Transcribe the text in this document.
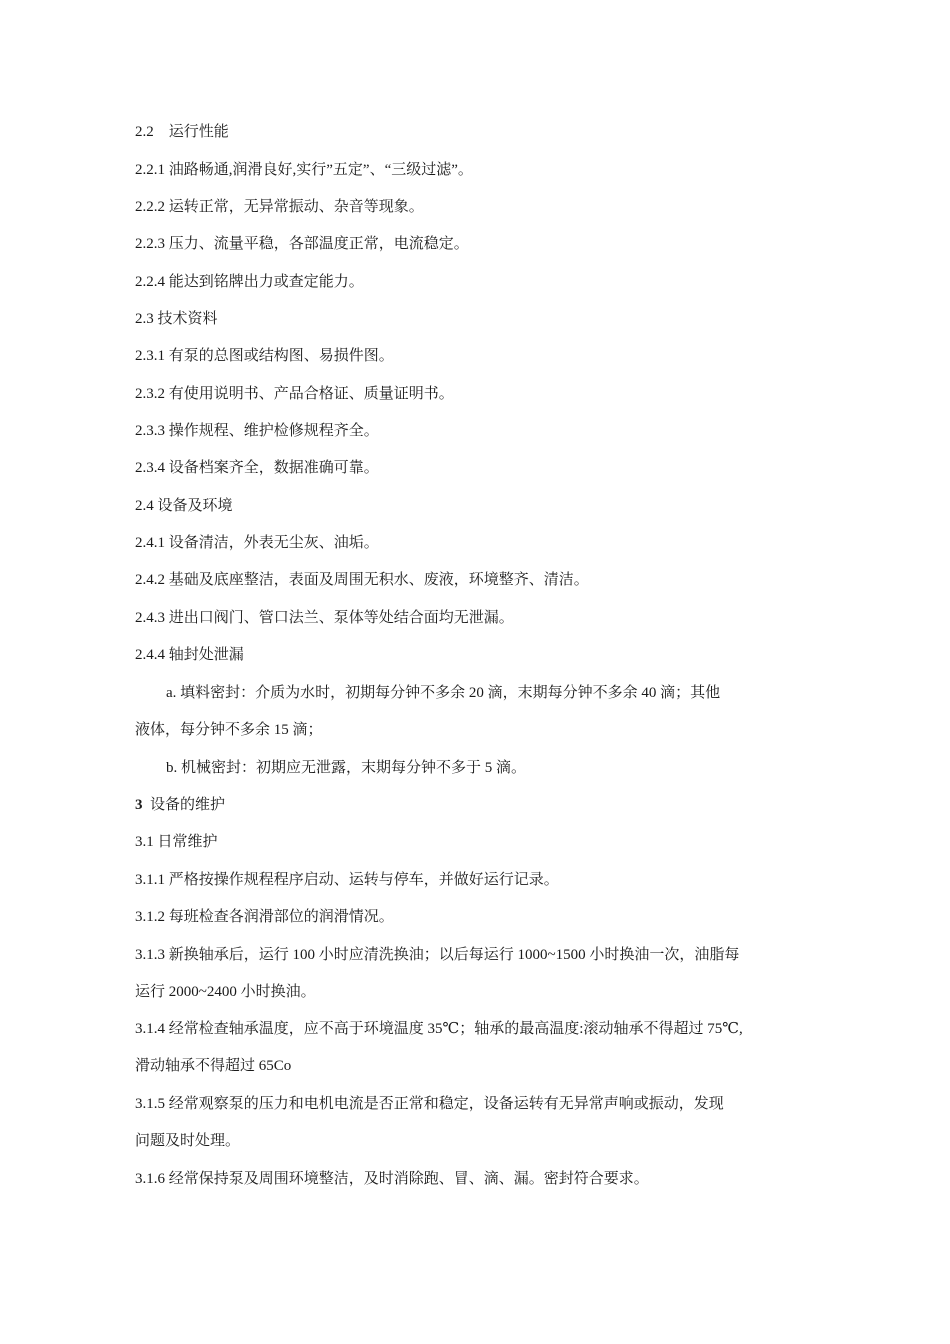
2.2　运行性能
2.2.1 油路畅通,润滑良好,实行”五定”、“三级过滤”。
2.2.2 运转正常，无异常振动、杂音等现象。
2.2.3 压力、流量平稳，各部温度正常，电流稳定。
2.2.4 能达到铭牌出力或查定能力。
2.3 技术资料
2.3.1 有泵的总图或结构图、易损件图。
2.3.2 有使用说明书、产品合格证、质量证明书。
2.3.3 操作规程、维护检修规程齐全。
2.3.4 设备档案齐全，数据准确可靠。
2.4 设备及环境
2.4.1 设备清洁，外表无尘灰、油垢。
2.4.2 基础及底座整洁，表面及周围无积水、废液，环境整齐、清洁。
2.4.3 进出口阀门、管口法兰、泵体等处结合面均无泄漏。
2.4.4 轴封处泄漏
a. 填料密封：介质为水时，初期每分钟不多余 20 滴，末期每分钟不多余 40 滴；其他
液体，每分钟不多余 15 滴；
b. 机械密封：初期应无泄露，末期每分钟不多于 5 滴。
3 设备的维护
3.1 日常维护
3.1.1 严格按操作规程程序启动、运转与停车，并做好运行记录。
3.1.2 每班检查各润滑部位的润滑情况。
3.1.3 新换轴承后，运行 100 小时应清洗换油；以后每运行 1000~1500 小时换油一次，油脂每
运行 2000~2400 小时换油。
3.1.4 经常检查轴承温度，应不高于环境温度 35℃；轴承的最高温度:滚动轴承不得超过 75℃,
滑动轴承不得超过 65Co
3.1.5 经常观察泵的压力和电机电流是否正常和稳定，设备运转有无异常声响或振动，发现
问题及时处理。
3.1.6 经常保持泵及周围环境整洁，及时消除跑、冒、滴、漏。密封符合要求。
